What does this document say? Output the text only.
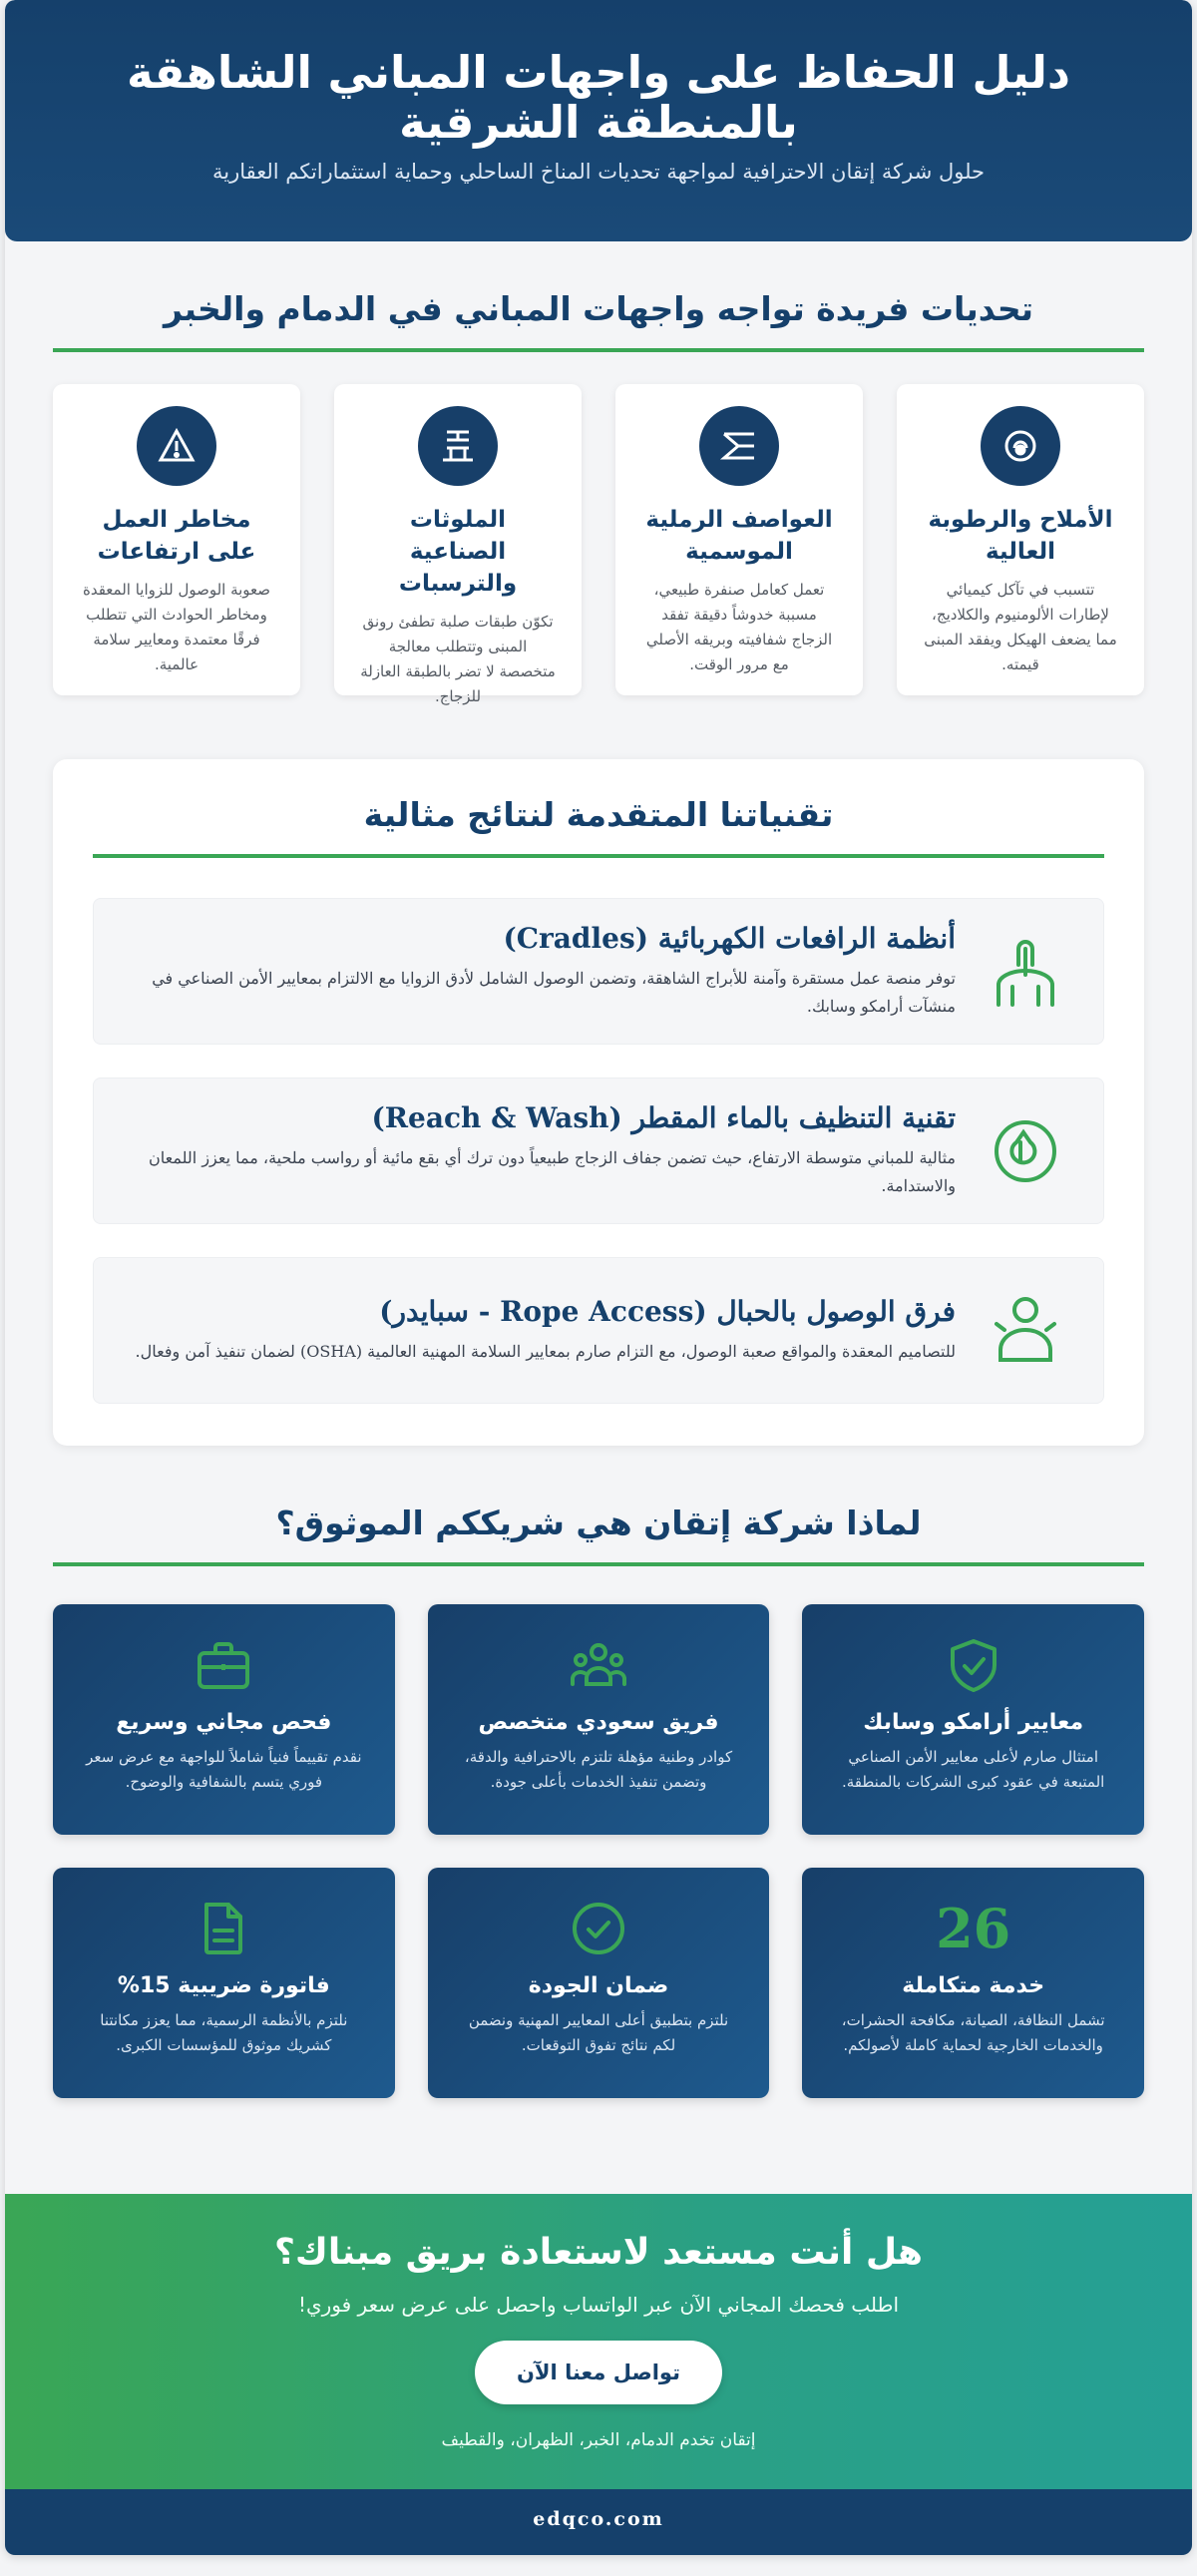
دليل الحفاظ على واجهات المباني الشاهقة بالمنطقة الشرقية

حلول شركة إتقان الاحترافية لمواجهة تحديات المناخ الساحلي وحماية استثماراتكم العقارية

تحديات فريدة تواجه واجهات المباني في الدمام والخبر
الأملاح والرطوبة العالية

تتسبب في تآكل كيميائي لإطارات الألومنيوم والكلاديج، مما يضعف الهيكل ويفقد المبنى قيمته.

العواصف الرملية الموسمية

تعمل كعامل صنفرة طبيعي، مسببة خدوشاً دقيقة تفقد الزجاج شفافيته وبريقه الأصلي مع مرور الوقت.

الملوثات الصناعية والترسبات

تكوّن طبقات صلبة تطفئ رونق المبنى وتتطلب معالجة متخصصة لا تضر بالطبقة العازلة للزجاج.

مخاطر العمل على ارتفاعات

صعوبة الوصول للزوايا المعقدة ومخاطر الحوادث التي تتطلب فرقًا معتمدة ومعايير سلامة عالمية.

تقنياتنا المتقدمة لنتائج مثالية
أنظمة الرافعات الكهربائية (Cradles)

توفر منصة عمل مستقرة وآمنة للأبراج الشاهقة، وتضمن الوصول الشامل لأدق الزوايا مع الالتزام بمعايير الأمن الصناعي في منشآت أرامكو وسابك.

تقنية التنظيف بالماء المقطر (Reach & Wash)

مثالية للمباني متوسطة الارتفاع، حيث تضمن جفاف الزجاج طبيعياً دون ترك أي بقع مائية أو رواسب ملحية، مما يعزز اللمعان والاستدامة.

فرق الوصول بالحبال (Rope Access - سبايدر)

للتصاميم المعقدة والمواقع صعبة الوصول، مع التزام صارم بمعايير السلامة المهنية العالمية (OSHA) لضمان تنفيذ آمن وفعال.

لماذا شركة إتقان هي شريككم الموثوق؟
معايير أرامكو وسابك

امتثال صارم لأعلى معايير الأمن الصناعي المتبعة في عقود كبرى الشركات بالمنطقة.

فريق سعودي متخصص

كوادر وطنية مؤهلة تلتزم بالاحترافية والدقة، وتضمن تنفيذ الخدمات بأعلى جودة.

فحص مجاني وسريع

نقدم تقييماً فنياً شاملاً للواجهة مع عرض سعر فوري يتسم بالشفافية والوضوح.

26
خدمة متكاملة

تشمل النظافة، الصيانة، مكافحة الحشرات، والخدمات الخارجية لحماية كاملة لأصولكم.

ضمان الجودة

نلتزم بتطبيق أعلى المعايير المهنية ونضمن لكم نتائج تفوق التوقعات.

فاتورة ضريبية 15%

نلتزم بالأنظمة الرسمية، مما يعزز مكانتنا كشريك موثوق للمؤسسات الكبرى.

هل أنت مستعد لاستعادة بريق مبناك؟

اطلب فحصك المجاني الآن عبر الواتساب واحصل على عرض سعر فوري!

تواصل معنا الآن

إتقان تخدم الدمام، الخبر، الظهران، والقطيف

edqco.com
